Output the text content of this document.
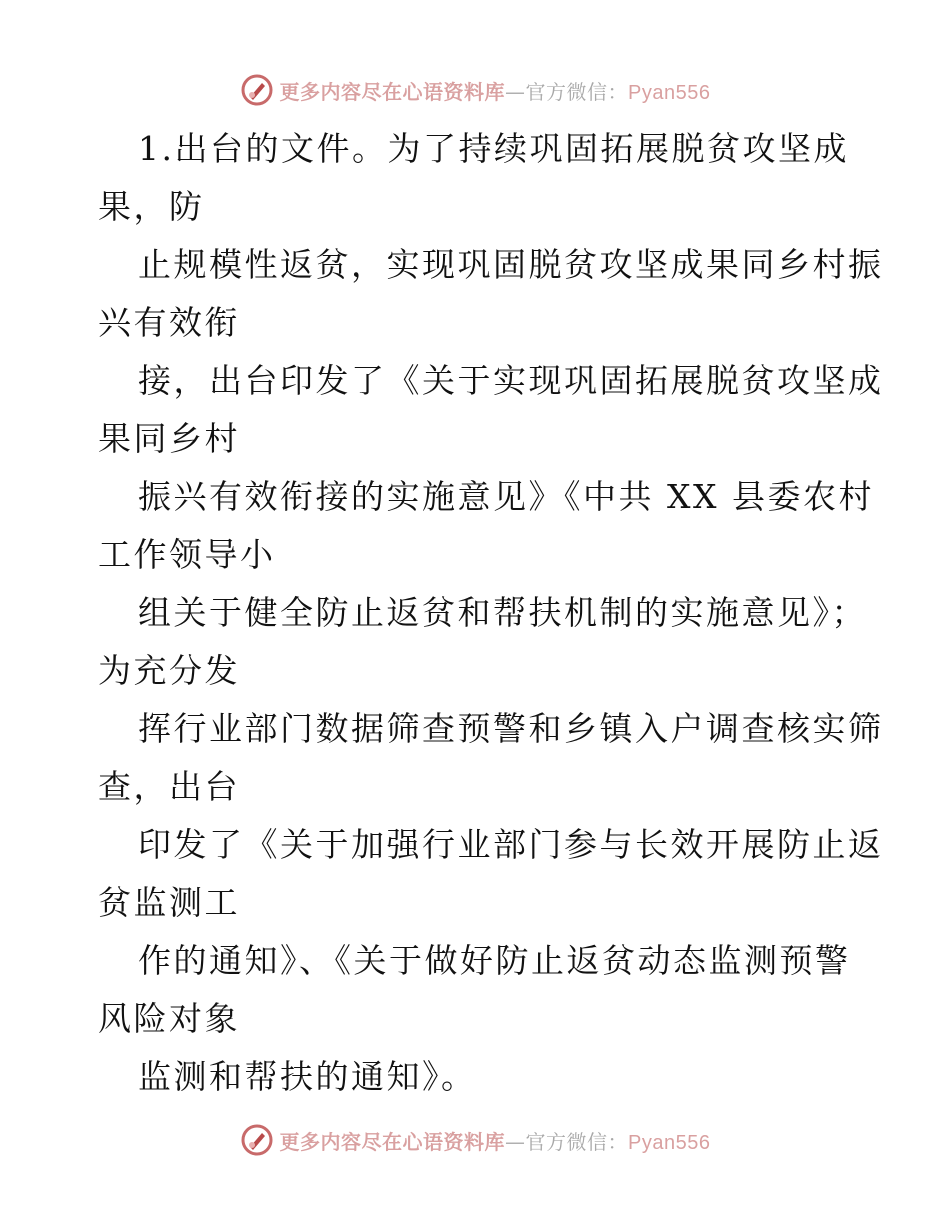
更多内容尽在心语资料库—官方微信：Pyan556
1.出台的文件。为了持续巩固拓展脱贫攻坚成
果，防
止规模性返贫，实现巩固脱贫攻坚成果同乡村振
兴有效衔
接，出台印发了《关于实现巩固拓展脱贫攻坚成
果同乡村
振兴有效衔接的实施意见》《中共 XX 县委农村
工作领导小
组关于健全防止返贫和帮扶机制的实施意见》；
为充分发
挥行业部门数据筛查预警和乡镇入户调查核实筛
查，出台
印发了《关于加强行业部门参与长效开展防止返
贫监测工
作的通知》、《关于做好防止返贫动态监测预警
风险对象
监测和帮扶的通知》。
更多内容尽在心语资料库—官方微信：Pyan556
